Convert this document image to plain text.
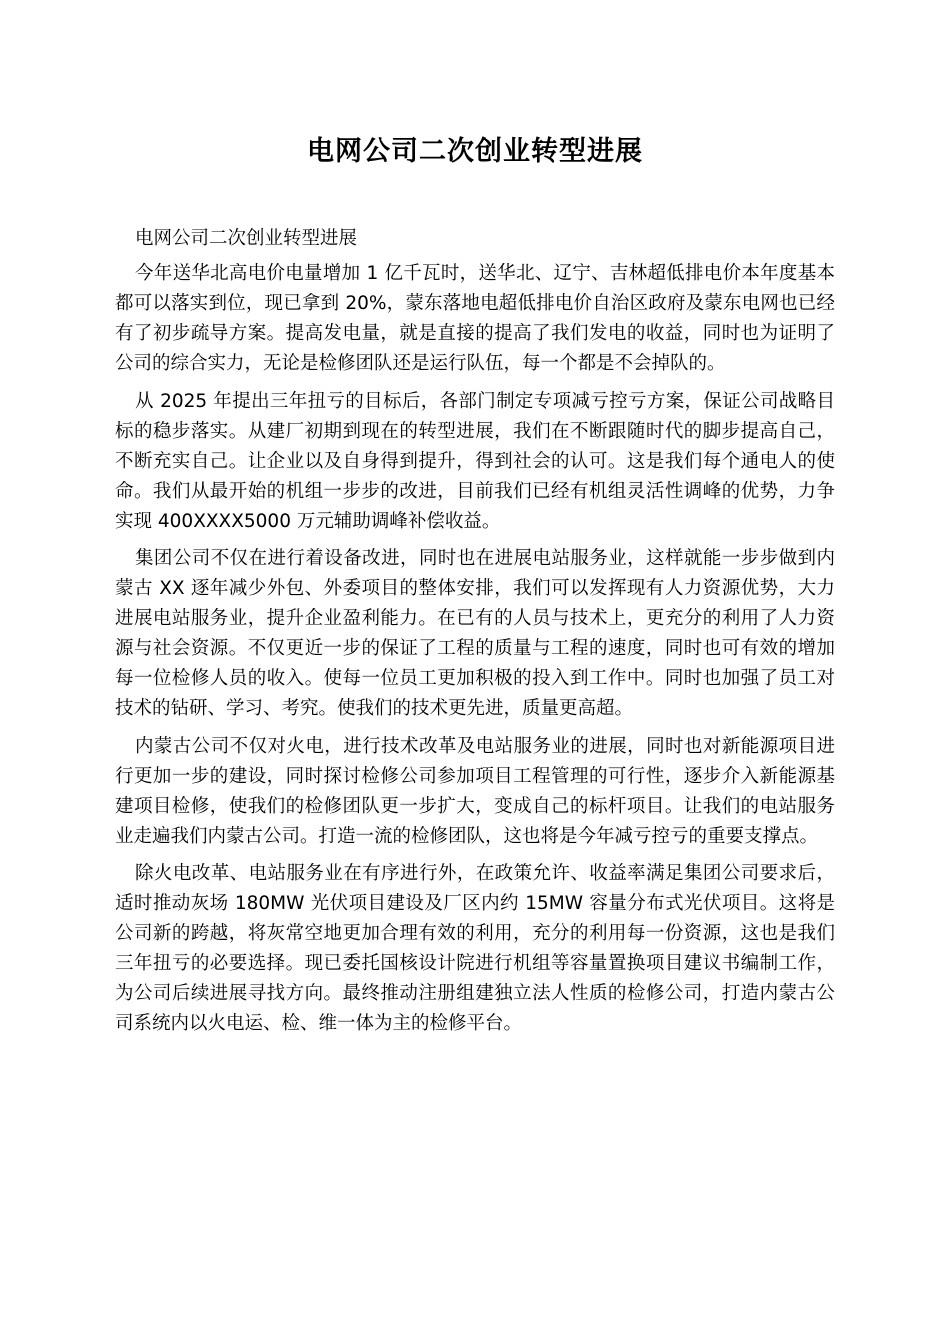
电网公司二次创业转型进展

电网公司二次创业转型进展

今年送华北高电价电量增加 1 亿千瓦时，送华北、辽宁、吉林超低排电价本年度基本都可以落实到位，现已拿到 20%，蒙东落地电超低排电价自治区政府及蒙东电网也已经有了初步疏导方案。提高发电量，就是直接的提高了我们发电的收益，同时也为证明了公司的综合实力，无论是检修团队还是运行队伍，每一个都是不会掉队的。

从 2025 年提出三年扭亏的目标后，各部门制定专项减亏控亏方案，保证公司战略目标的稳步落实。从建厂初期到现在的转型进展，我们在不断跟随时代的脚步提高自己，不断充实自己。让企业以及自身得到提升，得到社会的认可。这是我们每个通电人的使命。我们从最开始的机组一步步的改进，目前我们已经有机组灵活性调峰的优势，力争实现 400XXXX5000 万元辅助调峰补偿收益。

集团公司不仅在进行着设备改进，同时也在进展电站服务业，这样就能一步步做到内蒙古 XX 逐年减少外包、外委项目的整体安排，我们可以发挥现有人力资源优势，大力进展电站服务业，提升企业盈利能力。在已有的人员与技术上，更充分的利用了人力资源与社会资源。不仅更近一步的保证了工程的质量与工程的速度，同时也可有效的增加每一位检修人员的收入。使每一位员工更加积极的投入到工作中。同时也加强了员工对技术的钻研、学习、考究。使我们的技术更先进，质量更高超。

内蒙古公司不仅对火电，进行技术改革及电站服务业的进展，同时也对新能源项目进行更加一步的建设，同时探讨检修公司参加项目工程管理的可行性，逐步介入新能源基建项目检修，使我们的检修团队更一步扩大，变成自己的标杆项目。让我们的电站服务业走遍我们内蒙古公司。打造一流的检修团队，这也将是今年减亏控亏的重要支撑点。

除火电改革、电站服务业在有序进行外，在政策允许、收益率满足集团公司要求后，适时推动灰场 180MW 光伏项目建设及厂区内约 15MW 容量分布式光伏项目。这将是公司新的跨越，将灰常空地更加合理有效的利用，充分的利用每一份资源，这也是我们三年扭亏的必要选择。现已委托国核设计院进行机组等容量置换项目建议书编制工作，为公司后续进展寻找方向。最终推动注册组建独立法人性质的检修公司，打造内蒙古公司系统内以火电运、检、维一体为主的检修平台。
